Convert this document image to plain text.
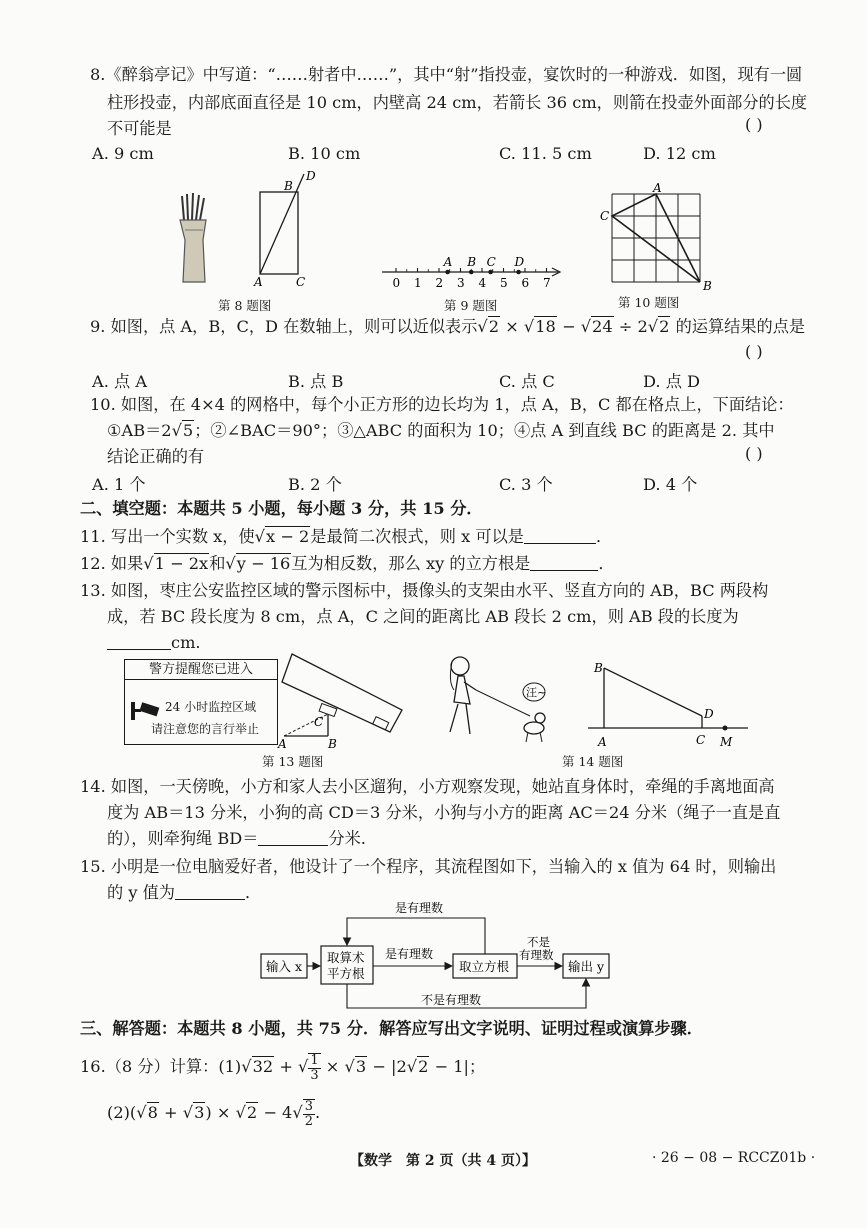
8.《醉翁亭记》中写道：“……射者中……”，其中“射”指投壶，宴饮时的一种游戏．如图，现有一圆
柱形投壶，内部底面直径是 10 cm，内壁高 24 cm，若箭长 36 cm，则箭在投壶外面部分的长度
不可能是	( )
A. 9 cm	B. 10 cm	C. 11. 5 cm	D. 12 cm
A
B
C
D
第 8 题图
0 1 2 3 4 5 6 7
A B C D
第 9 题图
A
B
C
第 10 题图
9. 如图，点 A，B，C，D 在数轴上，则可以近似表示√2 × √18 − √24 ÷ 2√2 的运算结果的点是
( )
A. 点 A	B. 点 B	C. 点 C	D. 点 D
10. 如图，在 4×4 的网格中，每个小正方形的边长均为 1，点 A，B，C 都在格点上，下面结论：
①AB＝2√5；②∠BAC＝90°；③△ABC 的面积为 10；④点 A 到直线 BC 的距离是 2. 其中
结论正确的有	( )
A. 1 个	B. 2 个	C. 3 个	D. 4 个
二、填空题：本题共 5 小题，每小题 3 分，共 15 分．
11. 写出一个实数 x，使√x − 2是最简二次根式，则 x 可以是	．
12. 如果√1 − 2x和√y − 16互为相反数，那么 xy 的立方根是	．
13. 如图，枣庄公安监控区域的警示图标中，摄像头的支架由水平、竖直方向的 AB，BC 两段构
成，若 BC 段长度为 8 cm，点 A，C 之间的距离比 AB 段长 2 cm，则 AB 段的长度为
cm.
警方提醒您已进入
24 小时监控区域
请注意您的言行举止
A	B
C
第 13 题图
汪~
B
A
D
C M
第 14 题图
14. 如图，一天傍晚，小方和家人去小区遛狗，小方观察发现，她站直身体时，牵绳的手离地面高
度为 AB＝13 分米，小狗的高 CD＝3 分米，小狗与小方的距离 AC＝24 分米（绳子一直是直
的），则牵狗绳 BD＝	分米.
15. 小明是一位电脑爱好者，他设计了一个程序，其流程图如下，当输入的 x 值为 64 时，则输出
的 y 值为	．
输入 x
取算术
平方根	取立方根	输出 y
是有理数
是有理数
不是
有理数
不是有理数
三、解答题：本题共 8 小题，共 75 分．解答应写出文字说明、证明过程或演算步骤．
16.（8 分）计算：(1)√32 + √ $\frac{1}{3} \times √3 - |2√2 - 1|$；
$(2)(√8 + √3) \times √2 - 4√ \frac{3}{2}$ .
【数学　第 2 页（共 4 页）】	· 26 − 08 − RCCZ01b ·
